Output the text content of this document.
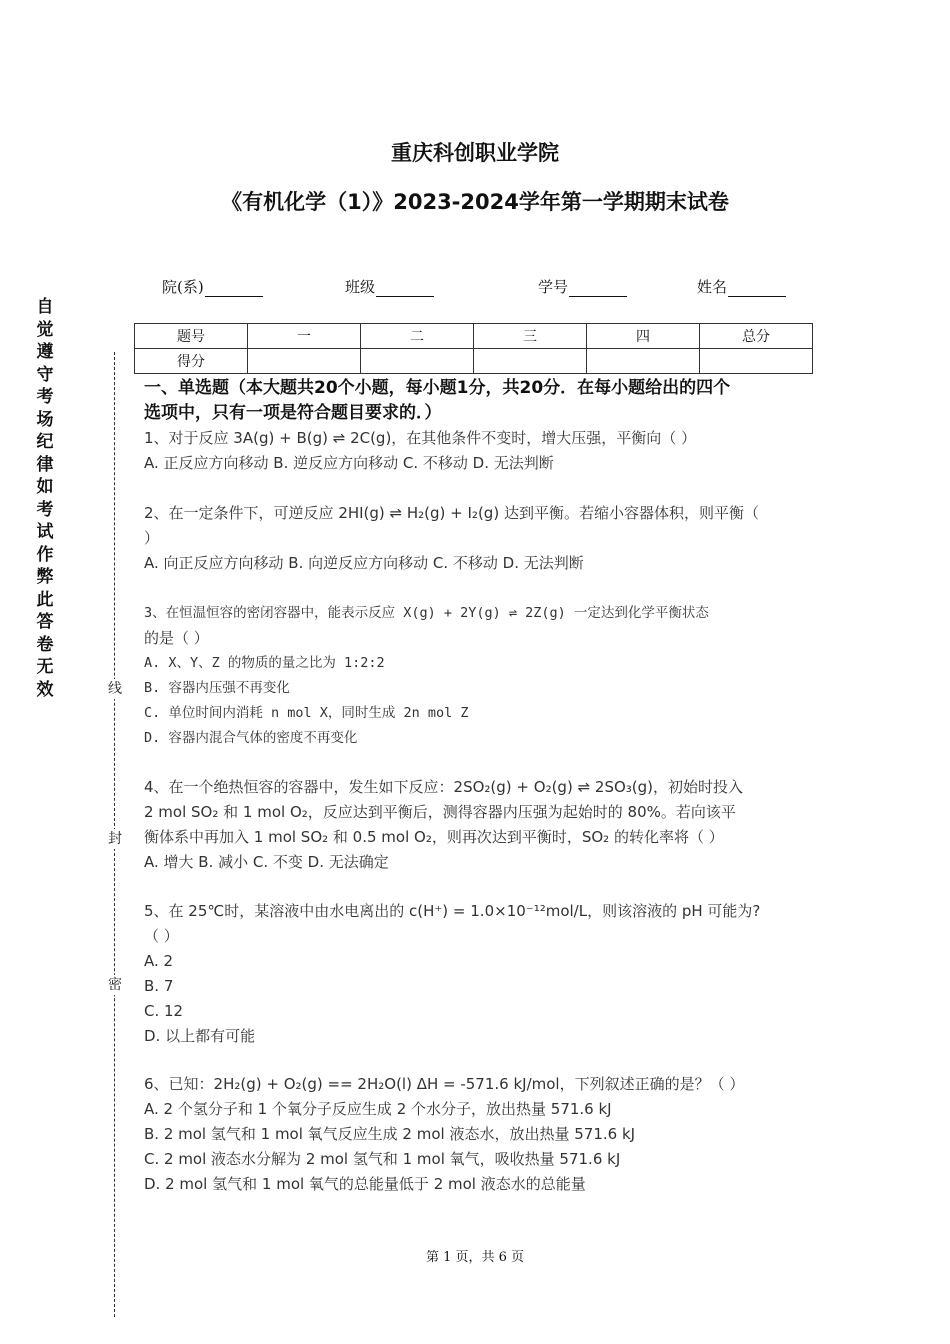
重庆科创职业学院
《有机化学（1）》2023-2024学年第一学期期末试卷
院(系)	班级	学号	姓名
题号	一	二	三	四	总分
得分					
自
觉
遵
守
考
场
纪
律
如
考
试
作
弊
此
答
卷
无
效	线
封
密
一、单选题（本大题共20个小题，每小题1分，共20分．在每小题给出的四个
选项中，只有一项是符合题目要求的．）
1、对于反应 3A(g) + B(g) ⇌ 2C(g)，在其他条件不变时，增大压强，平衡向（ ）
A. 正反应方向移动 B. 逆反应方向移动 C. 不移动 D. 无法判断
2、在一定条件下，可逆反应 2HI(g) ⇌ H₂(g) + I₂(g) 达到平衡。若缩小容器体积，则平衡（
）
A. 向正反应方向移动 B. 向逆反应方向移动 C. 不移动 D. 无法判断
3、在恒温恒容的密闭容器中，能表示反应 X(g) + 2Y(g) ⇌ 2Z(g) 一定达到化学平衡状态
的是（ ）
A. X、Y、Z 的物质的量之比为 1:2:2
B. 容器内压强不再变化
C. 单位时间内消耗 n mol X，同时生成 2n mol Z
D. 容器内混合气体的密度不再变化
4、在一个绝热恒容的容器中，发生如下反应：2SO₂(g) + O₂(g) ⇌ 2SO₃(g)，初始时投入
2 mol SO₂ 和 1 mol O₂，反应达到平衡后，测得容器内压强为起始时的 80%。若向该平
衡体系中再加入 1 mol SO₂ 和 0.5 mol O₂，则再次达到平衡时，SO₂ 的转化率将（ ）
A. 增大 B. 减小 C. 不变 D. 无法确定
5、在 25℃时，某溶液中由水电离出的 c(H⁺) = 1.0×10⁻¹²mol/L，则该溶液的 pH 可能为?
（ ）
A. 2
B. 7
C. 12
D. 以上都有可能
6、已知：2H₂(g) + O₂(g) == 2H₂O(l) ΔH = -571.6 kJ/mol，下列叙述正确的是？（ ）
A. 2 个氢分子和 1 个氧分子反应生成 2 个水分子，放出热量 571.6 kJ
B. 2 mol 氢气和 1 mol 氧气反应生成 2 mol 液态水，放出热量 571.6 kJ
C. 2 mol 液态水分解为 2 mol 氢气和 1 mol 氧气，吸收热量 571.6 kJ
D. 2 mol 氢气和 1 mol 氧气的总能量低于 2 mol 液态水的总能量
第 1 页，共 6 页
